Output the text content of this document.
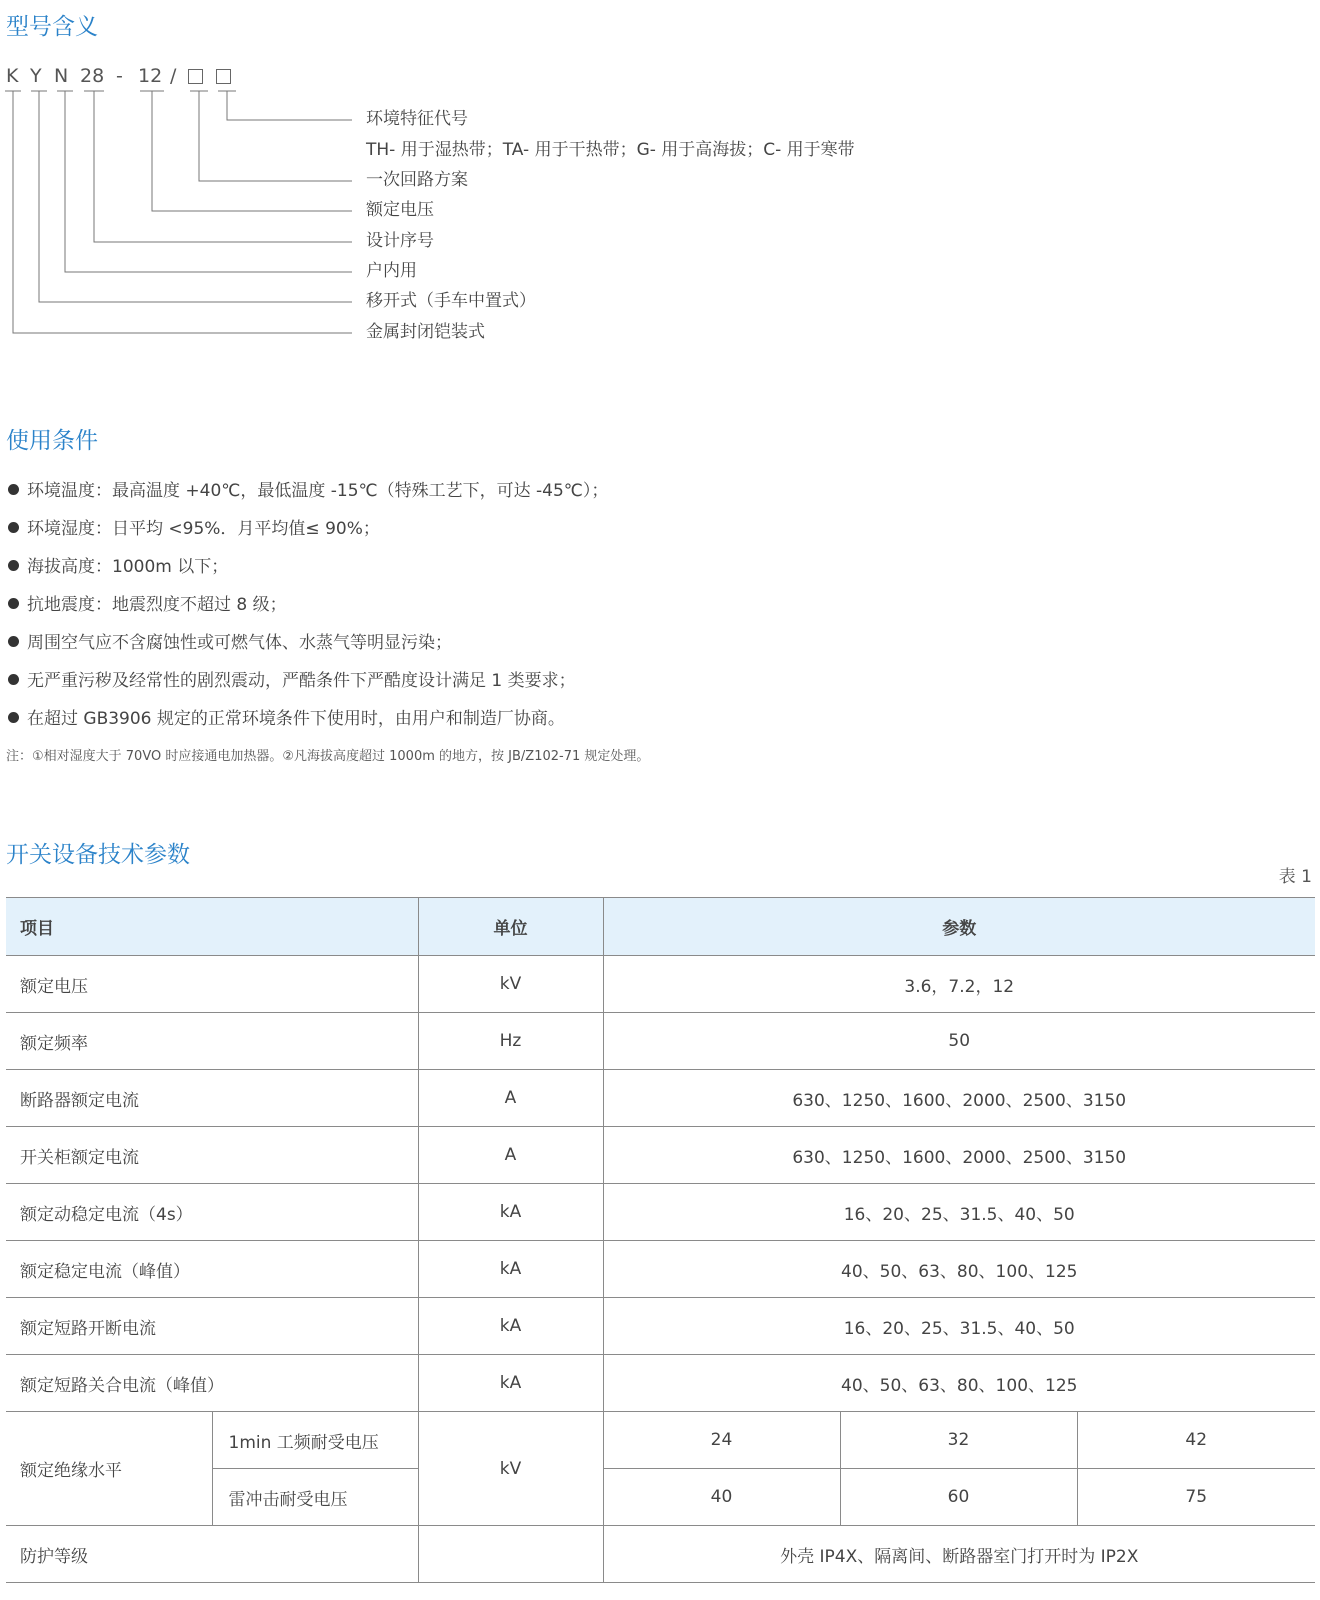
型号含义
K Y N 28 - 12 /
环境特征代号
TH- 用于湿热带；TA- 用于干热带；G- 用于高海拔；C- 用于寒带
一次回路方案
额定电压
设计序号
户内用
移开式（手车中置式）
金属封闭铠装式
使用条件
环境温度：最高温度 +40℃，最低温度 -15℃（特殊工艺下，可达 -45℃）；
环境湿度：日平均 <95%．月平均值≤ 90%；
海拔高度：1000m 以下；
抗地震度：地震烈度不超过 8 级；
周围空气应不含腐蚀性或可燃气体、水蒸气等明显污染；
无严重污秽及经常性的剧烈震动，严酷条件下严酷度设计满足 1 类要求；
在超过 GB3906 规定的正常环境条件下使用时，由用户和制造厂协商。
注：①相对湿度大于 70VO 时应接通电加热器。②凡海拔高度超过 1000m 的地方，按 JB/Z102-71 规定处理。
开关设备技术参数
表 1
项目		单位	参数		
额定电压		kV	3.6，7.2，12		
额定频率		Hz	50		
断路器额定电流		A	630、1250、1600、2000、2500、3150		
开关柜额定电流		A	630、1250、1600、2000、2500、3150		
额定动稳定电流（4s）		kA	16、20、25、31.5、40、50		
额定稳定电流（峰值）		kA	40、50、63、80、100、125		
额定短路开断电流		kA	16、20、25、31.5、40、50		
额定短路关合电流（峰值）		kA	40、50、63、80、100、125		
额定绝缘水平	1min 工频耐受电压	kV	24	32	42
	雷冲击耐受电压		40	60	75
防护等级			外壳 IP4X、隔离间、断路器室门打开时为 IP2X		
